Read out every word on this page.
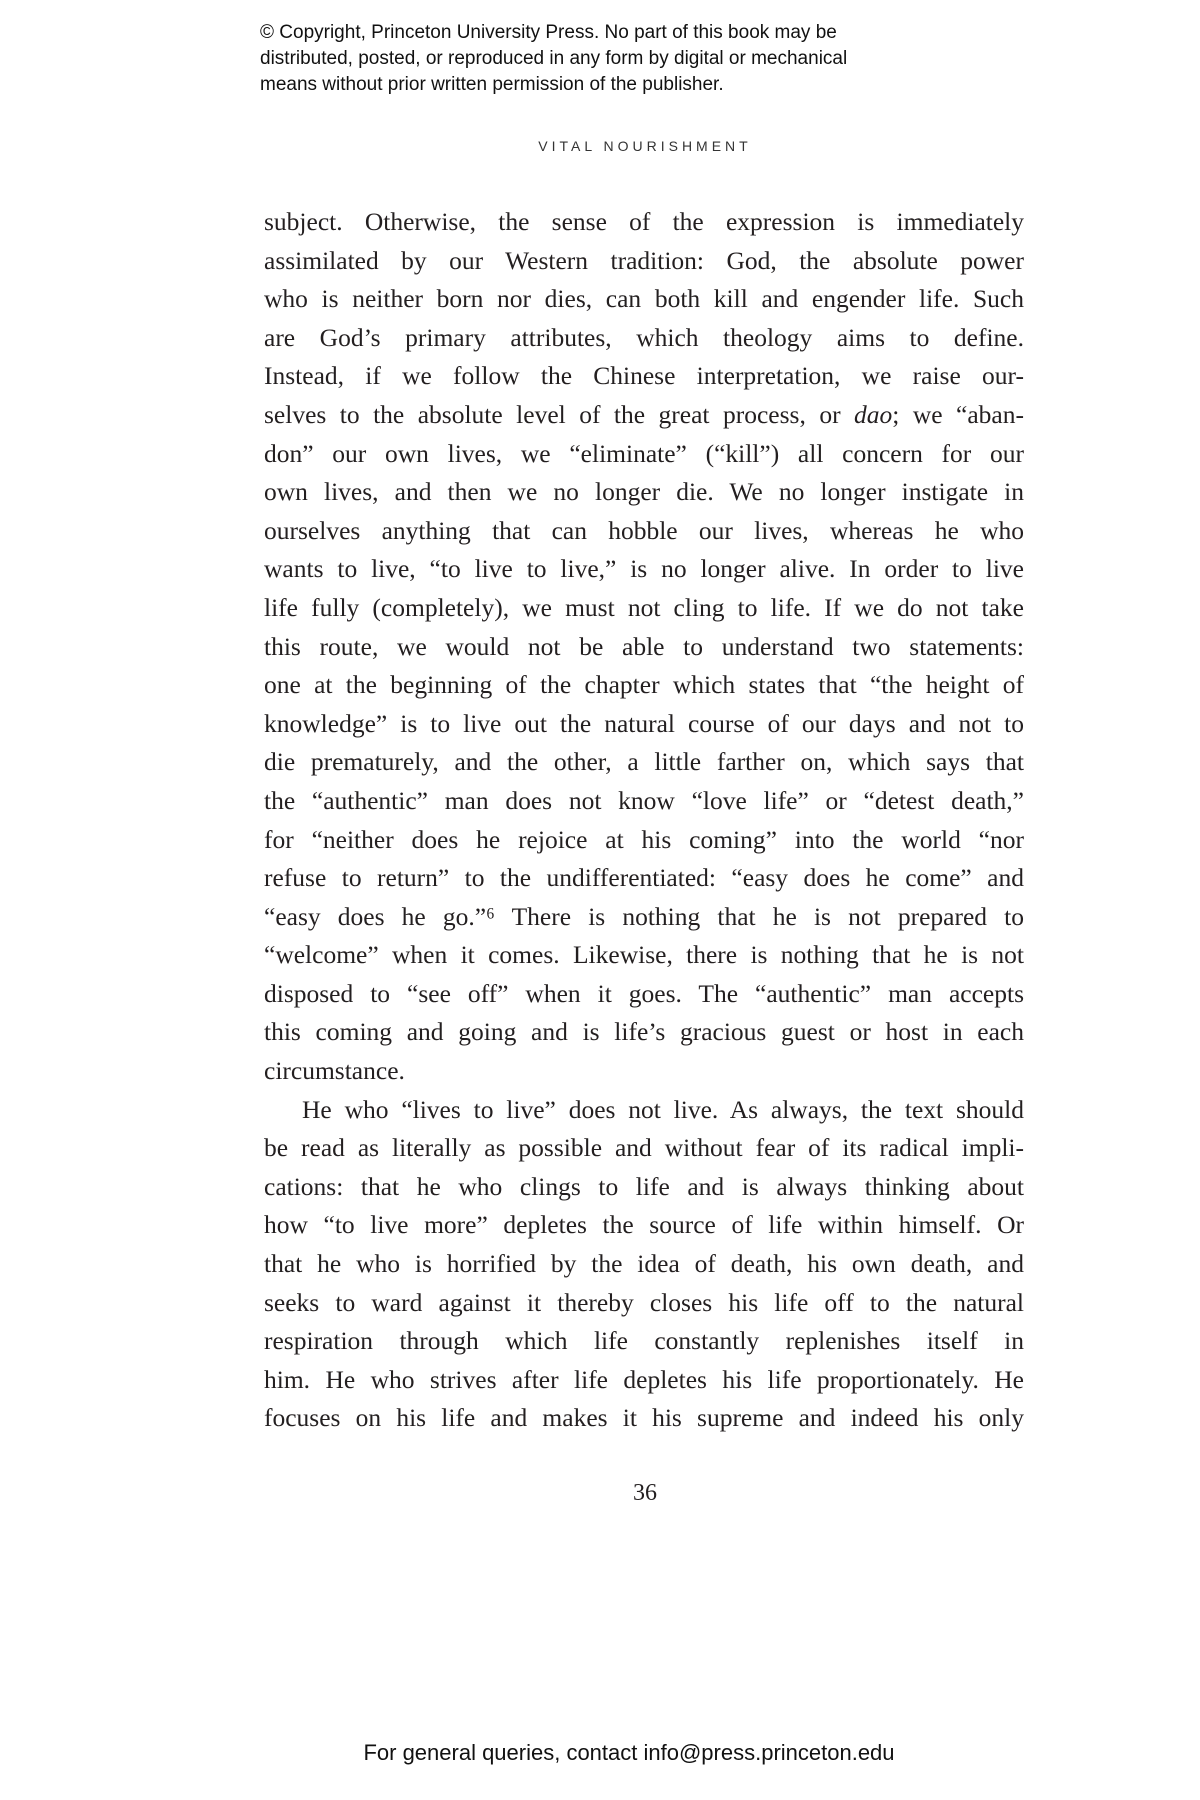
© Copyright, Princeton University Press. No part of this book may be
distributed, posted, or reproduced in any form by digital or mechanical
means without prior written permission of the publisher.
VITAL NOURISHMENT
subject. Otherwise, the sense of the expression is immediately
assimilated by our Western tradition: God, the absolute power
who is neither born nor dies, can both kill and engender life. Such
are God’s primary attributes, which theology aims to define.
Instead, if we follow the Chinese interpretation, we raise our-
selves to the absolute level of the great process, or dao; we “aban-
don” our own lives, we “eliminate” (“kill”) all concern for our
own lives, and then we no longer die. We no longer instigate in
ourselves anything that can hobble our lives, whereas he who
wants to live, “to live to live,” is no longer alive. In order to live
life fully (completely), we must not cling to life. If we do not take
this route, we would not be able to understand two statements:
one at the beginning of the chapter which states that “the height of
knowledge” is to live out the natural course of our days and not to
die prematurely, and the other, a little farther on, which says that
the “authentic” man does not know “love life” or “detest death,”
for “neither does he rejoice at his coming” into the world “nor
refuse to return” to the undifferentiated: “easy does he come” and
“easy does he go.”⁶ There is nothing that he is not prepared to
“welcome” when it comes. Likewise, there is nothing that he is not
disposed to “see off” when it goes. The “authentic” man accepts
this coming and going and is life’s gracious guest or host in each
circumstance.
He who “lives to live” does not live. As always, the text should
be read as literally as possible and without fear of its radical impli-
cations: that he who clings to life and is always thinking about
how “to live more” depletes the source of life within himself. Or
that he who is horrified by the idea of death, his own death, and
seeks to ward against it thereby closes his life off to the natural
respiration through which life constantly replenishes itself in
him. He who strives after life depletes his life proportionately. He
focuses on his life and makes it his supreme and indeed his only
36
For general queries, contact info@press.princeton.edu
